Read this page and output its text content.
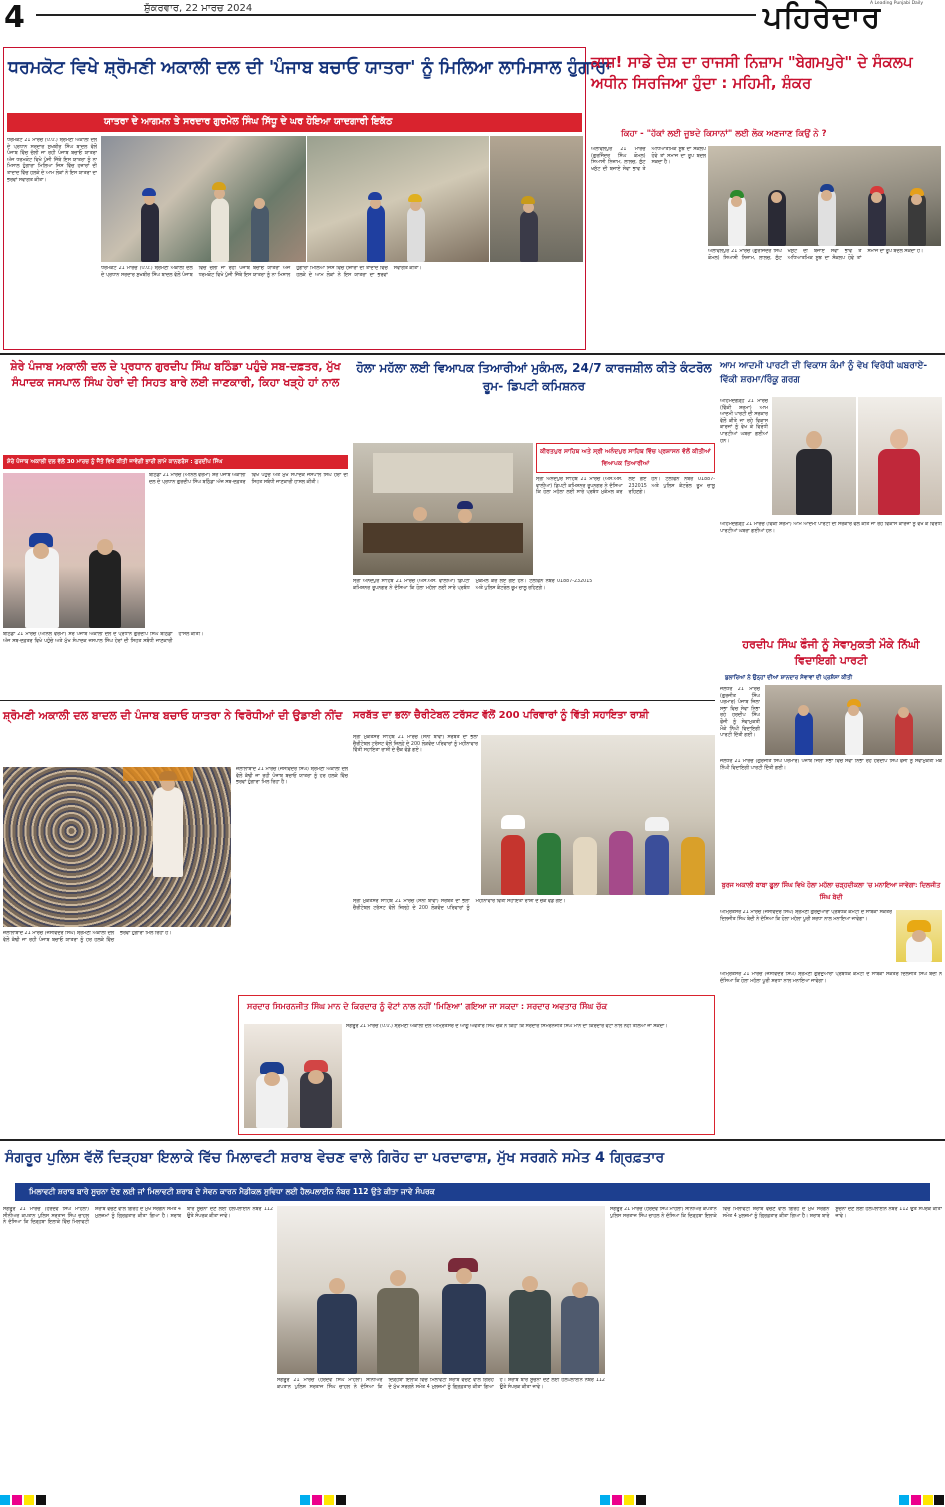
4	ਸ਼ੁੱਕਰਵਾਰ, 22 ਮਾਰਚ 2024	ਪਹਿਰੇਦਾਰ
A Leading Punjabi Daily
ਧਰਮਕੋਟ ਵਿਖੇ ਸ਼੍ਰੋਮਣੀ ਅਕਾਲੀ ਦਲ ਦੀ 'ਪੰਜਾਬ ਬਚਾਓ ਯਾਤਰਾ' ਨੂੰ ਮਿਲਿਆ ਲਾਮਿਸਾਲ ਹੁੰਗਾਰਾ
ਯਾਤਰਾ ਦੇ ਆਗਮਨ ਤੇ ਸਰਦਾਰ ਗੁਰਮੇਲ ਸਿੰਘ ਸਿੱਧੂ ਦੇ ਘਰ ਹੋਇਆ ਯਾਦਗਾਰੀ ਇਕੱਠ
ਧਰਮਕੋਟ 21 ਮਾਰਚ (ਪ.ਪ.) ਸ਼੍ਰੋਮਣੀ ਅਕਾਲੀ ਦਲ ਦੇ ਪ੍ਰਧਾਨ ਸਰਦਾਰ ਸੁਖਬੀਰ ਸਿੰਘ ਬਾਦਲ ਵੱਲੋਂ ਪੰਜਾਬ ਵਿੱਚ ਚੱਲੀ ਜਾ ਰਹੀ ਪੰਜਾਬ ਬਚਾਓ ਯਾਤਰਾ ਅੱਜ ਧਰਮਕੋਟ ਵਿਖੇ ਪੁੱਜੀ ਜਿੱਥੇ ਇਸ ਯਾਤਰਾ ਨੂੰ ਨਾ ਮਿਸਾਲ ਹੁੰਗਾਰਾ ਮਿਲਿਆ ਜਿਸ ਵਿੱਚ ਹਜ਼ਾਰਾਂ ਦੀ ਤਾਦਾਦ ਵਿੱਚ ਹਲਕੇ ਦੇ ਆਮ ਲੋਕਾਂ ਨੇ ਇਸ ਯਾਤਰਾ ਦਾ ਭਰਵਾਂ ਸਵਾਗਤ ਕੀਤਾ।
ਧਰਮਕੋਟ 21 ਮਾਰਚ (ਪ.ਪ.) ਸ਼੍ਰੋਮਣੀ ਅਕਾਲੀ ਦਲ ਦੇ ਪ੍ਰਧਾਨ ਸਰਦਾਰ ਸੁਖਬੀਰ ਸਿੰਘ ਬਾਦਲ ਵੱਲੋਂ ਪੰਜਾਬ ਵਿੱਚ ਚੱਲੀ ਜਾ ਰਹੀ ਪੰਜਾਬ ਬਚਾਓ ਯਾਤਰਾ ਅੱਜ ਧਰਮਕੋਟ ਵਿਖੇ ਪੁੱਜੀ ਜਿੱਥੇ ਇਸ ਯਾਤਰਾ ਨੂੰ ਨਾ ਮਿਸਾਲ ਹੁੰਗਾਰਾ ਮਿਲਿਆ ਜਿਸ ਵਿੱਚ ਹਜ਼ਾਰਾਂ ਦੀ ਤਾਦਾਦ ਵਿੱਚ ਹਲਕੇ ਦੇ ਆਮ ਲੋਕਾਂ ਨੇ ਇਸ ਯਾਤਰਾ ਦਾ ਭਰਵਾਂ ਸਵਾਗਤ ਕੀਤਾ।
ਕਾਸ਼! ਸਾਡੇ ਦੇਸ਼ ਦਾ ਰਾਜਸੀ ਨਿਜ਼ਾਮ "ਬੇਗਮਪੁਰੇ" ਦੇ ਸੰਕਲਪ ਅਧੀਨ ਸਿਰਜਿਆ ਹੁੰਦਾ : ਮਹਿਮੀ, ਸ਼ੰਕਰ
ਕਿਹਾ - "ਹੱਕਾਂ ਲਈ ਜੂਝਦੇ ਕਿਸਾਨਾਂ" ਲਈ ਲੋਕ ਅਣਜਾਣ ਕਿਉਂ ਨੇ ?
ਅਲਾਵਲਪੁਰ 21 ਮਾਰਚ (ਗੁਰਜਿੰਦਰ ਸਿੰਘ ਕੋਮਲ) ਸਿਆਸੀ ਨਿਜ਼ਾਮ, ਲਾਲਚ, ਲੁੱਟ ਖਸੁੱਟ ਦੀ ਬਜਾਏ ਸੇਵਾ ਭਾਵ ਤੇ ਅਧਿਆਤਮਿਕ ਸੂਝ ਦਾ ਸੰਕਲਪ ਹੋਵੇ ਤਾਂ ਸਮਾਜ ਦਾ ਰੂਪ ਬਦਲ ਸਕਦਾ ਹੈ।
ਅਲਾਵਲਪੁਰ 21 ਮਾਰਚ (ਗੁਰਜਿੰਦਰ ਸਿੰਘ ਕੋਮਲ) ਸਿਆਸੀ ਨਿਜ਼ਾਮ, ਲਾਲਚ, ਲੁੱਟ ਖਸੁੱਟ ਦੀ ਬਜਾਏ ਸੇਵਾ ਭਾਵ ਤੇ ਅਧਿਆਤਮਿਕ ਸੂਝ ਦਾ ਸੰਕਲਪ ਹੋਵੇ ਤਾਂ ਸਮਾਜ ਦਾ ਰੂਪ ਬਦਲ ਸਕਦਾ ਹੈ।
ਸ਼ੇਰੇ ਪੰਜਾਬ ਅਕਾਲੀ ਦਲ ਦੇ ਪ੍ਰਧਾਨ ਗੁਰਦੀਪ ਸਿੰਘ ਬਠਿੰਡਾ ਪਹੁੰਚੇ ਸਬ-ਦਫ਼ਤਰ, ਮੁੱਖ ਸੰਪਾਦਕ ਜਸਪਾਲ ਸਿੰਘ ਹੇਰਾਂ ਦੀ ਸਿਹਤ ਬਾਰੇ ਲਈ ਜਾਣਕਾਰੀ, ਕਿਹਾ ਖੜ੍ਹੇ ਹਾਂ ਨਾਲ
ਸ਼ੇਰੇ ਪੰਜਾਬ ਅਕਾਲੀ ਦਲ ਵੱਲੋਂ 30 ਮਾਰਚ ਨੂੰ ਜੈਤੋ ਵਿਖੇ ਕੀਤੀ ਜਾਵੇਗੀ ਭਾਰੀ ਲਾਮੇ ਕਾਨਫਰੰਸ : ਗੁਰਦੀਪ ਸਿੰਘ
ਬਠਿੰਡਾ 21 ਮਾਰਚ (ਅਨਿਲ ਵਰਮਾ) ਸ਼ੇਰੇ ਪੰਜਾਬ ਅਕਾਲੀ ਦਲ ਦੇ ਪ੍ਰਧਾਨ ਗੁਰਦੀਪ ਸਿੰਘ ਬਠਿੰਡਾ ਅੱਜ ਸਬ-ਦਫ਼ਤਰ ਵਿਖੇ ਪਹੁੰਚੇ ਅਤੇ ਮੁੱਖ ਸੰਪਾਦਕ ਜਸਪਾਲ ਸਿੰਘ ਹੇਰਾਂ ਦੀ ਸਿਹਤ ਸਬੰਧੀ ਜਾਣਕਾਰੀ ਹਾਸਲ ਕੀਤੀ।
ਬਠਿੰਡਾ 21 ਮਾਰਚ (ਅਨਿਲ ਵਰਮਾ) ਸ਼ੇਰੇ ਪੰਜਾਬ ਅਕਾਲੀ ਦਲ ਦੇ ਪ੍ਰਧਾਨ ਗੁਰਦੀਪ ਸਿੰਘ ਬਠਿੰਡਾ ਅੱਜ ਸਬ-ਦਫ਼ਤਰ ਵਿਖੇ ਪਹੁੰਚੇ ਅਤੇ ਮੁੱਖ ਸੰਪਾਦਕ ਜਸਪਾਲ ਸਿੰਘ ਹੇਰਾਂ ਦੀ ਸਿਹਤ ਸਬੰਧੀ ਜਾਣਕਾਰੀ ਹਾਸਲ ਕੀਤੀ।
ਹੋਲਾ ਮਹੱਲਾ ਲਈ ਵਿਆਪਕ ਤਿਆਰੀਆਂ ਮੁਕੰਮਲ, 24/7 ਕਾਰਜਸ਼ੀਲ ਕੀਤੇ ਕੰਟਰੋਲ ਰੂਮ- ਡਿਪਟੀ ਕਮਿਸ਼ਨਰ
ਕੀਰਤਪੁਰ ਸਾਹਿਬ ਅਤੇ ਸ੍ਰੀ ਅਨੰਦਪੁਰ ਸਾਹਿਬ ਵਿੱਚ ਪ੍ਰਸ਼ਾਸਨ ਵੱਲੋਂ ਕੀਤੀਆਂ ਵਿਆਪਕ ਤਿਆਰੀਆਂ
ਸ੍ਰੀ ਅਨੰਦਪੁਰ ਸਾਹਿਬ 21 ਮਾਰਚ (ਐਸ.ਐਸ. ਵਾਲੀਆ) ਡਿਪਟੀ ਕਮਿਸ਼ਨਰ ਰੂਪਨਗਰ ਨੇ ਦੱਸਿਆ ਕਿ ਹੋਲਾ ਮਹੱਲਾ ਲਈ ਸਾਰੇ ਪ੍ਰਬੰਧ ਮੁਕੰਮਲ ਕਰ ਲਏ ਗਏ ਹਨ। ਟੈਲੀਫੋਨ ਨੰਬਰ 01887-232015 ਅਤੇ ਪੁਲਿਸ ਕੰਟਰੋਲ ਰੂਮ ਚਾਲੂ ਰਹਿਣਗੇ।
ਸ੍ਰੀ ਅਨੰਦਪੁਰ ਸਾਹਿਬ 21 ਮਾਰਚ (ਐਸ.ਐਸ. ਵਾਲੀਆ) ਡਿਪਟੀ ਕਮਿਸ਼ਨਰ ਰੂਪਨਗਰ ਨੇ ਦੱਸਿਆ ਕਿ ਹੋਲਾ ਮਹੱਲਾ ਲਈ ਸਾਰੇ ਪ੍ਰਬੰਧ ਮੁਕੰਮਲ ਕਰ ਲਏ ਗਏ ਹਨ। ਟੈਲੀਫੋਨ ਨੰਬਰ 01887-232015 ਅਤੇ ਪੁਲਿਸ ਕੰਟਰੋਲ ਰੂਮ ਚਾਲੂ ਰਹਿਣਗੇ।
ਆਮ ਆਦਮੀ ਪਾਰਟੀ ਦੀ ਵਿਕਾਸ ਕੰਮਾਂ ਨੂੰ ਵੇਖ ਵਿਰੋਧੀ ਘਬਰਾਏ-ਵਿੱਕੀ ਸ਼ਰਮਾ/ਰਿੰਕੂ ਗਰਗ
ਅਹਿਮਦਗੜ੍ਹ 21 ਮਾਰਚ (ਵਿੱਕੀ ਸ਼ਰਮਾ) ਆਮ ਆਦਮੀ ਪਾਰਟੀ ਦੀ ਸਰਕਾਰ ਵੱਲੋਂ ਕੀਤੇ ਜਾ ਰਹੇ ਵਿਕਾਸ ਕਾਰਜਾਂ ਨੂੰ ਵੇਖ ਕੇ ਵਿਰੋਧੀ ਪਾਰਟੀਆਂ ਘਬਰਾ ਗਈਆਂ ਹਨ।
ਅਹਿਮਦਗੜ੍ਹ 21 ਮਾਰਚ (ਵਿੱਕੀ ਸ਼ਰਮਾ) ਆਮ ਆਦਮੀ ਪਾਰਟੀ ਦੀ ਸਰਕਾਰ ਵੱਲੋਂ ਕੀਤੇ ਜਾ ਰਹੇ ਵਿਕਾਸ ਕਾਰਜਾਂ ਨੂੰ ਵੇਖ ਕੇ ਵਿਰੋਧੀ ਪਾਰਟੀਆਂ ਘਬਰਾ ਗਈਆਂ ਹਨ।
ਹਰਦੀਪ ਸਿੰਘ ਫੌਜੀ ਨੂੰ ਸੇਵਾਮੁਕਤੀ ਮੌਕੇ ਨਿੱਘੀ ਵਿਦਾਇਗੀ ਪਾਰਟੀ
ਬੁਲਾਰਿਆਂ ਨੇ ਉਨ੍ਹਾਂ ਦੀਆਂ ਸ਼ਾਨਦਾਰ ਸੇਵਾਵਾਂ ਦੀ ਪ੍ਰਸ਼ੰਸਾ ਕੀਤੀ
ਜਲੰਧਰ 21 ਮਾਰਚ (ਗੁਰਜੀਤ ਸਿੰਘ ਪਰਮਾਰ) ਪੰਜਾਬ ਜਿਲਾ ਸਭਾ ਵਿਚ ਸੇਵਾ ਨਿਭਾ ਰਹੇ ਹਰਦੀਪ ਸਿੰਘ ਫੌਜੀ ਨੂੰ ਸੇਵਾਮੁਕਤੀ ਮੌਕੇ ਨਿੱਘੀ ਵਿਦਾਇਗੀ ਪਾਰਟੀ ਦਿੱਤੀ ਗਈ।
ਜਲੰਧਰ 21 ਮਾਰਚ (ਗੁਰਜੀਤ ਸਿੰਘ ਪਰਮਾਰ) ਪੰਜਾਬ ਜਿਲਾ ਸਭਾ ਵਿਚ ਸੇਵਾ ਨਿਭਾ ਰਹੇ ਹਰਦੀਪ ਸਿੰਘ ਫੌਜੀ ਨੂੰ ਸੇਵਾਮੁਕਤੀ ਮੌਕੇ ਨਿੱਘੀ ਵਿਦਾਇਗੀ ਪਾਰਟੀ ਦਿੱਤੀ ਗਈ।
ਸ਼੍ਰੋਮਣੀ ਅਕਾਲੀ ਦਲ ਬਾਦਲ ਦੀ ਪੰਜਾਬ ਬਚਾਓ ਯਾਤਰਾ ਨੇ ਵਿਰੋਧੀਆਂ ਦੀ ਉਡਾਈ ਨੀਂਦ
ਜ਼ਲਾਲਾਬਾਦ 21 ਮਾਰਚ (ਜਸਵਿੰਦਰ ਸਿੰਘ) ਸ਼੍ਰੋਮਣੀ ਅਕਾਲੀ ਦਲ ਵੱਲੋਂ ਕੱਢੀ ਜਾ ਰਹੀ ਪੰਜਾਬ ਬਚਾਓ ਯਾਤਰਾ ਨੂੰ ਹਰ ਹਲਕੇ ਵਿੱਚ ਭਰਵਾਂ ਹੁੰਗਾਰਾ ਮਿਲ ਰਿਹਾ ਹੈ।
ਜ਼ਲਾਲਾਬਾਦ 21 ਮਾਰਚ (ਜਸਵਿੰਦਰ ਸਿੰਘ) ਸ਼੍ਰੋਮਣੀ ਅਕਾਲੀ ਦਲ ਵੱਲੋਂ ਕੱਢੀ ਜਾ ਰਹੀ ਪੰਜਾਬ ਬਚਾਓ ਯਾਤਰਾ ਨੂੰ ਹਰ ਹਲਕੇ ਵਿੱਚ ਭਰਵਾਂ ਹੁੰਗਾਰਾ ਮਿਲ ਰਿਹਾ ਹੈ।
ਸਰਬੱਤ ਦਾ ਭਲਾ ਚੈਰੀਟੇਬਲ ਟਰੱਸਟ ਵੱਲੋਂ 200 ਪਰਿਵਾਰਾਂ ਨੂੰ ਵਿੱਤੀ ਸਹਾਇਤਾ ਰਾਸ਼ੀ
ਸ੍ਰੀ ਮੁਕਤਸਰ ਸਾਹਿਬ 21 ਮਾਰਚ (ਸੰਨੀ ਬਾਵਾ) ਸਰਬੱਤ ਦਾ ਭਲਾ ਚੈਰੀਟੇਬਲ ਟਰੱਸਟ ਵੱਲੋਂ ਜ਼ਿਲ੍ਹੇ ਦੇ 200 ਲੋੜਵੰਦ ਪਰਿਵਾਰਾਂ ਨੂੰ ਮਹੀਨਾਵਾਰ ਵਿੱਤੀ ਸਹਾਇਤਾ ਰਾਸ਼ੀ ਦੇ ਚੈੱਕ ਵੰਡੇ ਗਏ।
ਸ੍ਰੀ ਮੁਕਤਸਰ ਸਾਹਿਬ 21 ਮਾਰਚ (ਸੰਨੀ ਬਾਵਾ) ਸਰਬੱਤ ਦਾ ਭਲਾ ਚੈਰੀਟੇਬਲ ਟਰੱਸਟ ਵੱਲੋਂ ਜ਼ਿਲ੍ਹੇ ਦੇ 200 ਲੋੜਵੰਦ ਪਰਿਵਾਰਾਂ ਨੂੰ ਮਹੀਨਾਵਾਰ ਵਿੱਤੀ ਸਹਾਇਤਾ ਰਾਸ਼ੀ ਦੇ ਚੈੱਕ ਵੰਡੇ ਗਏ।
ਬੁਰਜ ਅਕਾਲੀ ਬਾਬਾ ਫੂਲਾ ਸਿੰਘ ਵਿਖੇ ਹੋਲਾ ਮਹੱਲਾ ਚੜ੍ਹਦੀਕਲਾ 'ਚ ਮਨਾਇਆ ਜਾਵੇਗਾ: ਦਿਲਜੀਤ ਸਿੰਘ ਬੇਦੀ
ਅੰਮ੍ਰਿਤਸਰ 21 ਮਾਰਚ (ਜਸਵਿੰਦਰ ਸਿੰਘ) ਸ਼੍ਰੋਮਣੀ ਗੁਰਦੁਆਰਾ ਪ੍ਰਬੰਧਕ ਕਮੇਟੀ ਦੇ ਸਾਬਕਾ ਸਕੱਤਰ ਦਿਲਜੀਤ ਸਿੰਘ ਬੇਦੀ ਨੇ ਦੱਸਿਆ ਕਿ ਹੋਲਾ ਮਹੱਲਾ ਪੂਰੀ ਸ਼ਰਧਾ ਨਾਲ ਮਨਾਇਆ ਜਾਵੇਗਾ।
ਅੰਮ੍ਰਿਤਸਰ 21 ਮਾਰਚ (ਜਸਵਿੰਦਰ ਸਿੰਘ) ਸ਼੍ਰੋਮਣੀ ਗੁਰਦੁਆਰਾ ਪ੍ਰਬੰਧਕ ਕਮੇਟੀ ਦੇ ਸਾਬਕਾ ਸਕੱਤਰ ਦਿਲਜੀਤ ਸਿੰਘ ਬੇਦੀ ਨੇ ਦੱਸਿਆ ਕਿ ਹੋਲਾ ਮਹੱਲਾ ਪੂਰੀ ਸ਼ਰਧਾ ਨਾਲ ਮਨਾਇਆ ਜਾਵੇਗਾ।
ਸਰਦਾਰ ਸਿਮਰਨਜੀਤ ਸਿੰਘ ਮਾਨ ਦੇ ਕਿਰਦਾਰ ਨੂੰ ਵੋਟਾਂ ਨਾਲ ਨਹੀਂ 'ਮਿਣਿਆ' ਗਇਆ ਜਾ ਸਕਦਾ : ਸਰਦਾਰ ਅਵਤਾਰ ਸਿੰਘ ਚੱਕ
ਸੰਗਰੂਰ 21 ਮਾਰਚ (ਪ.ਪ.) ਸ਼੍ਰੋਮਣੀ ਅਕਾਲੀ ਦਲ ਅੰਮ੍ਰਿਤਸਰ ਦੇ ਆਗੂ ਅਵਤਾਰ ਸਿੰਘ ਚੱਕ ਨੇ ਕਿਹਾ ਕਿ ਸਰਦਾਰ ਸਿਮਰਨਜੀਤ ਸਿੰਘ ਮਾਨ ਦਾ ਕਿਰਦਾਰ ਵੋਟਾਂ ਨਾਲ ਨਹੀਂ ਤੋਲਿਆ ਜਾ ਸਕਦਾ।
ਸੰਗਰੂਰ ਪੁਲਿਸ ਵੱਲੋਂ ਦਿੜ੍ਹਬਾ ਇਲਾਕੇ ਵਿੱਚ ਮਿਲਾਵਟੀ ਸ਼ਰਾਬ ਵੇਚਣ ਵਾਲੇ ਗਿਰੋਹ ਦਾ ਪਰਦਾਫਾਸ਼, ਮੁੱਖ ਸਰਗਨੇ ਸਮੇਤ 4 ਗ੍ਰਿਫ਼ਤਾਰ
ਮਿਲਾਵਟੀ ਸ਼ਰਾਬ ਬਾਰੇ ਸੂਚਨਾ ਦੇਣ ਲਈ ਜਾਂ ਮਿਲਾਵਟੀ ਸ਼ਰਾਬ ਦੇ ਸੇਵਨ ਕਾਰਨ ਮੈਡੀਕਲ ਸੁਵਿਧਾ ਲਈ ਹੈਲਪਲਾਈਨ ਨੰਬਰ 112 ਉਤੇ ਕੀਤਾ ਜਾਵੇ ਸੰਪਰਕ
ਸੰਗਰੂਰ 21 ਮਾਰਚ (ਹਰਦੇਵ ਸਿੰਘ ਮਾਹਲਾ) ਸੀਨੀਅਰ ਕਪਤਾਨ ਪੁਲਿਸ ਸਰਤਾਜ ਸਿੰਘ ਚਾਹਲ ਨੇ ਦੱਸਿਆ ਕਿ ਦਿੜ੍ਹਬਾ ਇਲਾਕੇ ਵਿੱਚ ਮਿਲਾਵਟੀ ਸ਼ਰਾਬ ਵੇਚਣ ਵਾਲੇ ਗਿਰੋਹ ਦੇ ਮੁੱਖ ਸਰਗਨੇ ਸਮੇਤ 4 ਮੁਲਜ਼ਮਾਂ ਨੂੰ ਗ੍ਰਿਫ਼ਤਾਰ ਕੀਤਾ ਗਿਆ ਹੈ। ਸ਼ਰਾਬ ਬਾਰੇ ਸੂਚਨਾ ਦੇਣ ਲਈ ਹੈਲਪਲਾਈਨ ਨੰਬਰ 112 ਉਤੇ ਸੰਪਰਕ ਕੀਤਾ ਜਾਵੇ।
ਸੰਗਰੂਰ 21 ਮਾਰਚ (ਹਰਦੇਵ ਸਿੰਘ ਮਾਹਲਾ) ਸੀਨੀਅਰ ਕਪਤਾਨ ਪੁਲਿਸ ਸਰਤਾਜ ਸਿੰਘ ਚਾਹਲ ਨੇ ਦੱਸਿਆ ਕਿ ਦਿੜ੍ਹਬਾ ਇਲਾਕੇ ਵਿੱਚ ਮਿਲਾਵਟੀ ਸ਼ਰਾਬ ਵੇਚਣ ਵਾਲੇ ਗਿਰੋਹ ਦੇ ਮੁੱਖ ਸਰਗਨੇ ਸਮੇਤ 4 ਮੁਲਜ਼ਮਾਂ ਨੂੰ ਗ੍ਰਿਫ਼ਤਾਰ ਕੀਤਾ ਗਿਆ ਹੈ। ਸ਼ਰਾਬ ਬਾਰੇ ਸੂਚਨਾ ਦੇਣ ਲਈ ਹੈਲਪਲਾਈਨ ਨੰਬਰ 112 ਉਤੇ ਸੰਪਰਕ ਕੀਤਾ ਜਾਵੇ।
ਸੰਗਰੂਰ 21 ਮਾਰਚ (ਹਰਦੇਵ ਸਿੰਘ ਮਾਹਲਾ) ਸੀਨੀਅਰ ਕਪਤਾਨ ਪੁਲਿਸ ਸਰਤਾਜ ਸਿੰਘ ਚਾਹਲ ਨੇ ਦੱਸਿਆ ਕਿ ਦਿੜ੍ਹਬਾ ਇਲਾਕੇ ਵਿੱਚ ਮਿਲਾਵਟੀ ਸ਼ਰਾਬ ਵੇਚਣ ਵਾਲੇ ਗਿਰੋਹ ਦੇ ਮੁੱਖ ਸਰਗਨੇ ਸਮੇਤ 4 ਮੁਲਜ਼ਮਾਂ ਨੂੰ ਗ੍ਰਿਫ਼ਤਾਰ ਕੀਤਾ ਗਿਆ ਹੈ। ਸ਼ਰਾਬ ਬਾਰੇ ਸੂਚਨਾ ਦੇਣ ਲਈ ਹੈਲਪਲਾਈਨ ਨੰਬਰ 112 ਉਤੇ ਸੰਪਰਕ ਕੀਤਾ ਜਾਵੇ।
